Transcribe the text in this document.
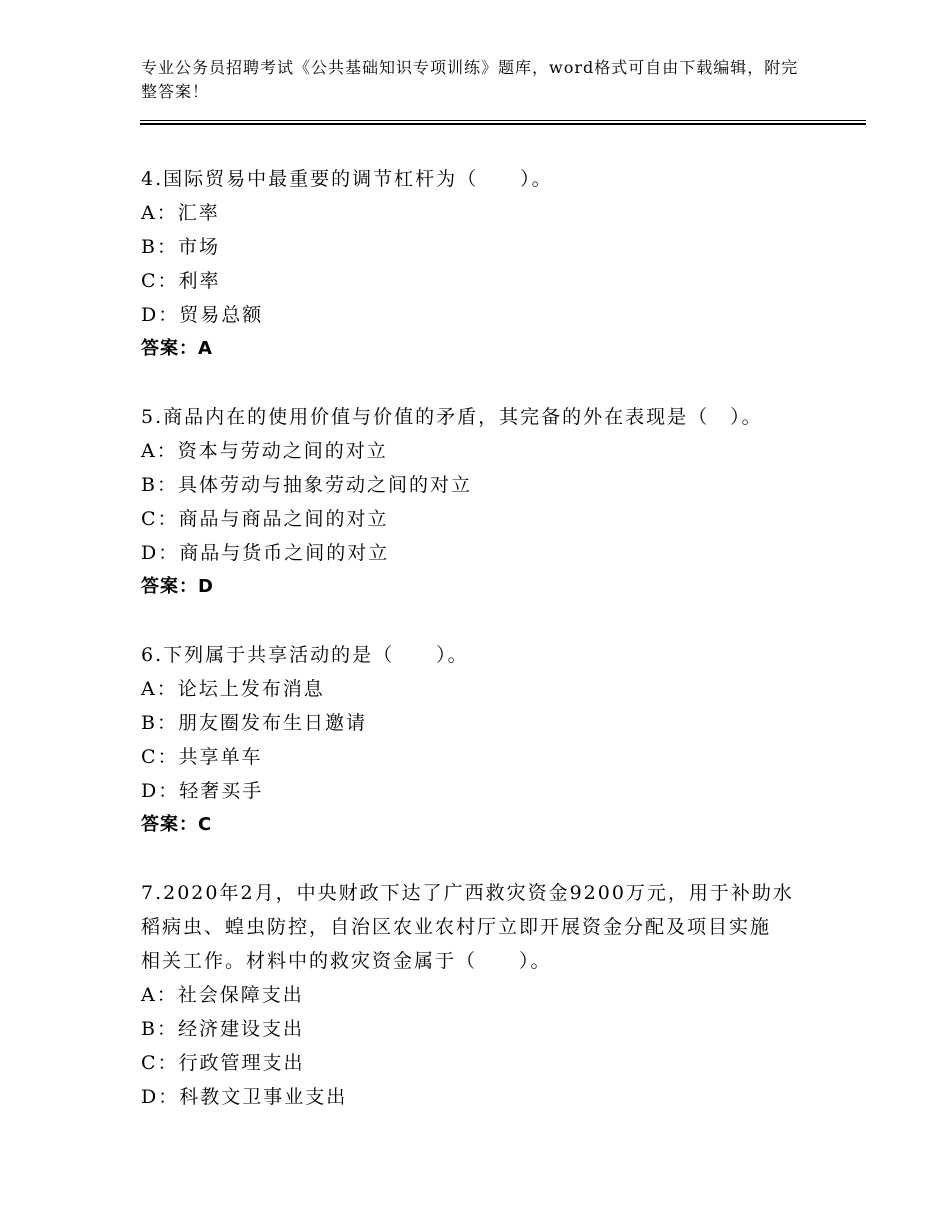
专业公务员招聘考试《公共基础知识专项训练》题库，word格式可自由下载编辑，附完整答案！
4.国际贸易中最重要的调节杠杆为（　　）。
A：汇率
B：市场
C：利率
D：贸易总额
答案：A
5.商品内在的使用价值与价值的矛盾，其完备的外在表现是（　）。
A：资本与劳动之间的对立
B：具体劳动与抽象劳动之间的对立
C：商品与商品之间的对立
D：商品与货币之间的对立
答案：D
6.下列属于共享活动的是（　　）。
A：论坛上发布消息
B：朋友圈发布生日邀请
C：共享单车
D：轻奢买手
答案：C
7.2020年2月，中央财政下达了广西救灾资金9200万元，用于补助水
稻病虫、蝗虫防控，自治区农业农村厅立即开展资金分配及项目实施
相关工作。材料中的救灾资金属于（　　）。
A：社会保障支出
B：经济建设支出
C：行政管理支出
D：科教文卫事业支出
